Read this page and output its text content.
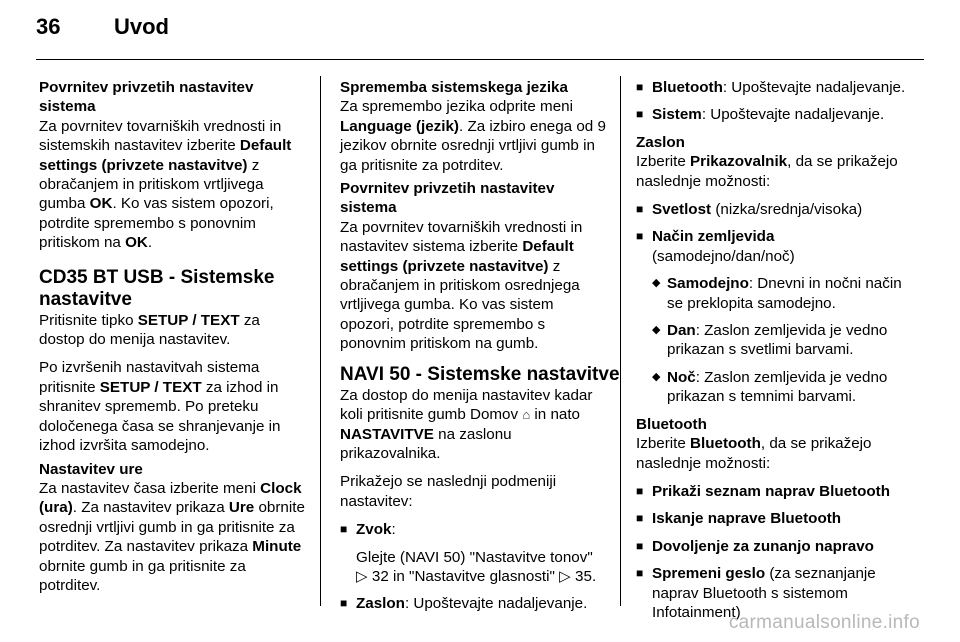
36 Uvod
Povrnitev privzetih nastavitev sistema
Za povrnitev tovarniških vrednosti in sistemskih nastavitev izberite Default settings (privzete nastavitve) z obračanjem in pritiskom vrtljivega gumba OK. Ko vas sistem opozori, potrdite spremembo s ponovnim pritiskom na OK.
CD35 BT USB - Sistemske nastavitve
Pritisnite tipko SETUP / TEXT za dostop do menija nastavitev.
Po izvršenih nastavitvah sistema pritisnite SETUP / TEXT za izhod in shranitev sprememb. Po preteku določenega časa se shranjevanje in izhod izvršita samodejno.
Nastavitev ure
Za nastavitev časa izberite meni Clock (ura). Za nastavitev prikaza Ure obrnite osrednji vrtljivi gumb in ga pritisnite za potrditev. Za nastavitev prikaza Minute obrnite gumb in ga pritisnite za potrditev.
Sprememba sistemskega jezika
Za spremembo jezika odprite meni Language (jezik). Za izbiro enega od 9 jezikov obrnite osrednji vrtljivi gumb in ga pritisnite za potrditev.
Povrnitev privzetih nastavitev sistema
Za povrnitev tovarniških vrednosti in nastavitev sistema izberite Default settings (privzete nastavitve) z obračanjem in pritiskom osrednjega vrtljivega gumba. Ko vas sistem opozori, potrdite spremembo s ponovnim pritiskom na gumb.
NAVI 50 - Sistemske nastavitve
Za dostop do menija nastavitev kadar koli pritisnite gumb Domov ⌂ in nato NASTAVITVE na zaslonu prikazovalnika.
Prikažejo se naslednji podmeniji nastavitev:
■ Zvok:
Glejte (NAVI 50) "Nastavitve tonov" ▷ 32 in "Nastavitve glasnosti" ▷ 35.
■ Zaslon: Upoštevajte nadaljevanje.
■ Bluetooth: Upoštevajte nadaljevanje.
■ Sistem: Upoštevajte nadaljevanje.
Zaslon
Izberite Prikazovalnik, da se prikažejo naslednje možnosti:
■ Svetlost (nizka/srednja/visoka)
■ Način zemljevida (samodejno/dan/noč)
◆ Samodejno: Dnevni in nočni način se preklopita samodejno.
◆ Dan: Zaslon zemljevida je vedno prikazan s svetlimi barvami.
◆ Noč: Zaslon zemljevida je vedno prikazan s temnimi barvami.
Bluetooth
Izberite Bluetooth, da se prikažejo naslednje možnosti:
■ Prikaži seznam naprav Bluetooth
■ Iskanje naprave Bluetooth
■ Dovoljenje za zunanjo napravo
■ Spremeni geslo (za seznanjanje naprav Bluetooth s sistemom Infotainment)
carmanualsonline.info
